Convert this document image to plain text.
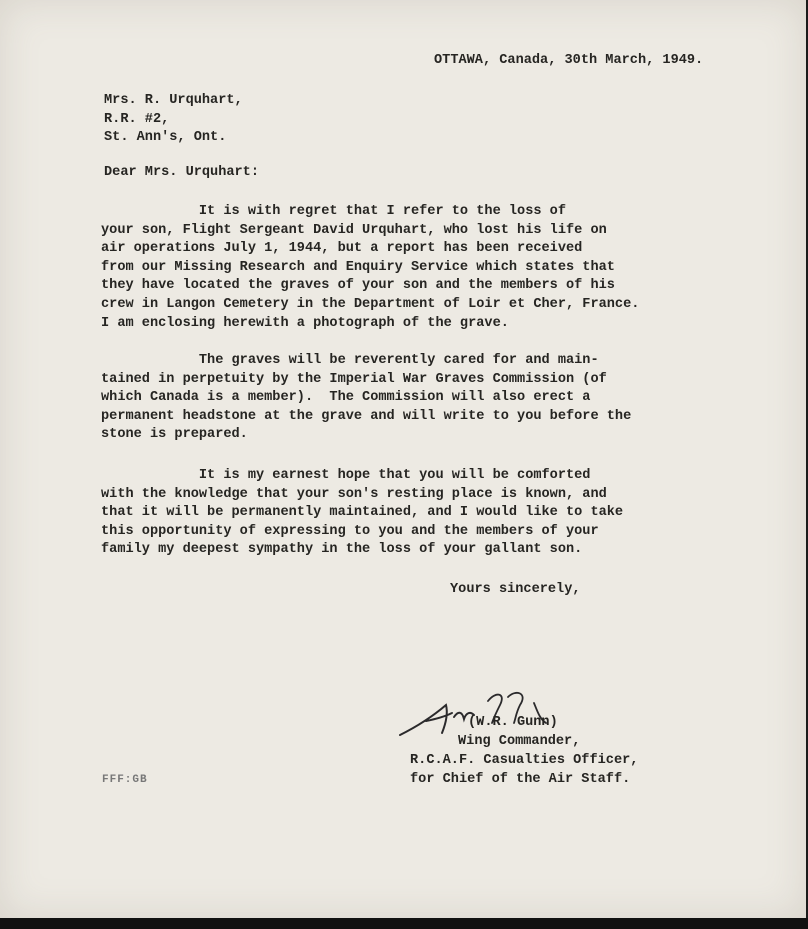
OTTAWA, Canada, 30th March, 1949.
Mrs. R. Urquhart,
R.R. #2,
St. Ann's, Ont.
Dear Mrs. Urquhart:
It is with regret that I refer to the loss of
your son, Flight Sergeant David Urquhart, who lost his life on
air operations July 1, 1944, but a report has been received
from our Missing Research and Enquiry Service which states that
they have located the graves of your son and the members of his
crew in Langon Cemetery in the Department of Loir et Cher, France.
I am enclosing herewith a photograph of the grave.
The graves will be reverently cared for and main-
tained in perpetuity by the Imperial War Graves Commission (of
which Canada is a member).  The Commission will also erect a
permanent headstone at the grave and will write to you before the
stone is prepared.
It is my earnest hope that you will be comforted
with the knowledge that your son's resting place is known, and
that it will be permanently maintained, and I would like to take
this opportunity of expressing to you and the members of your
family my deepest sympathy in the loss of your gallant son.
Yours sincerely,
(W.R. Gunn)
Wing Commander,
R.C.A.F. Casualties Officer,
for Chief of the Air Staff.
FFF:GB
